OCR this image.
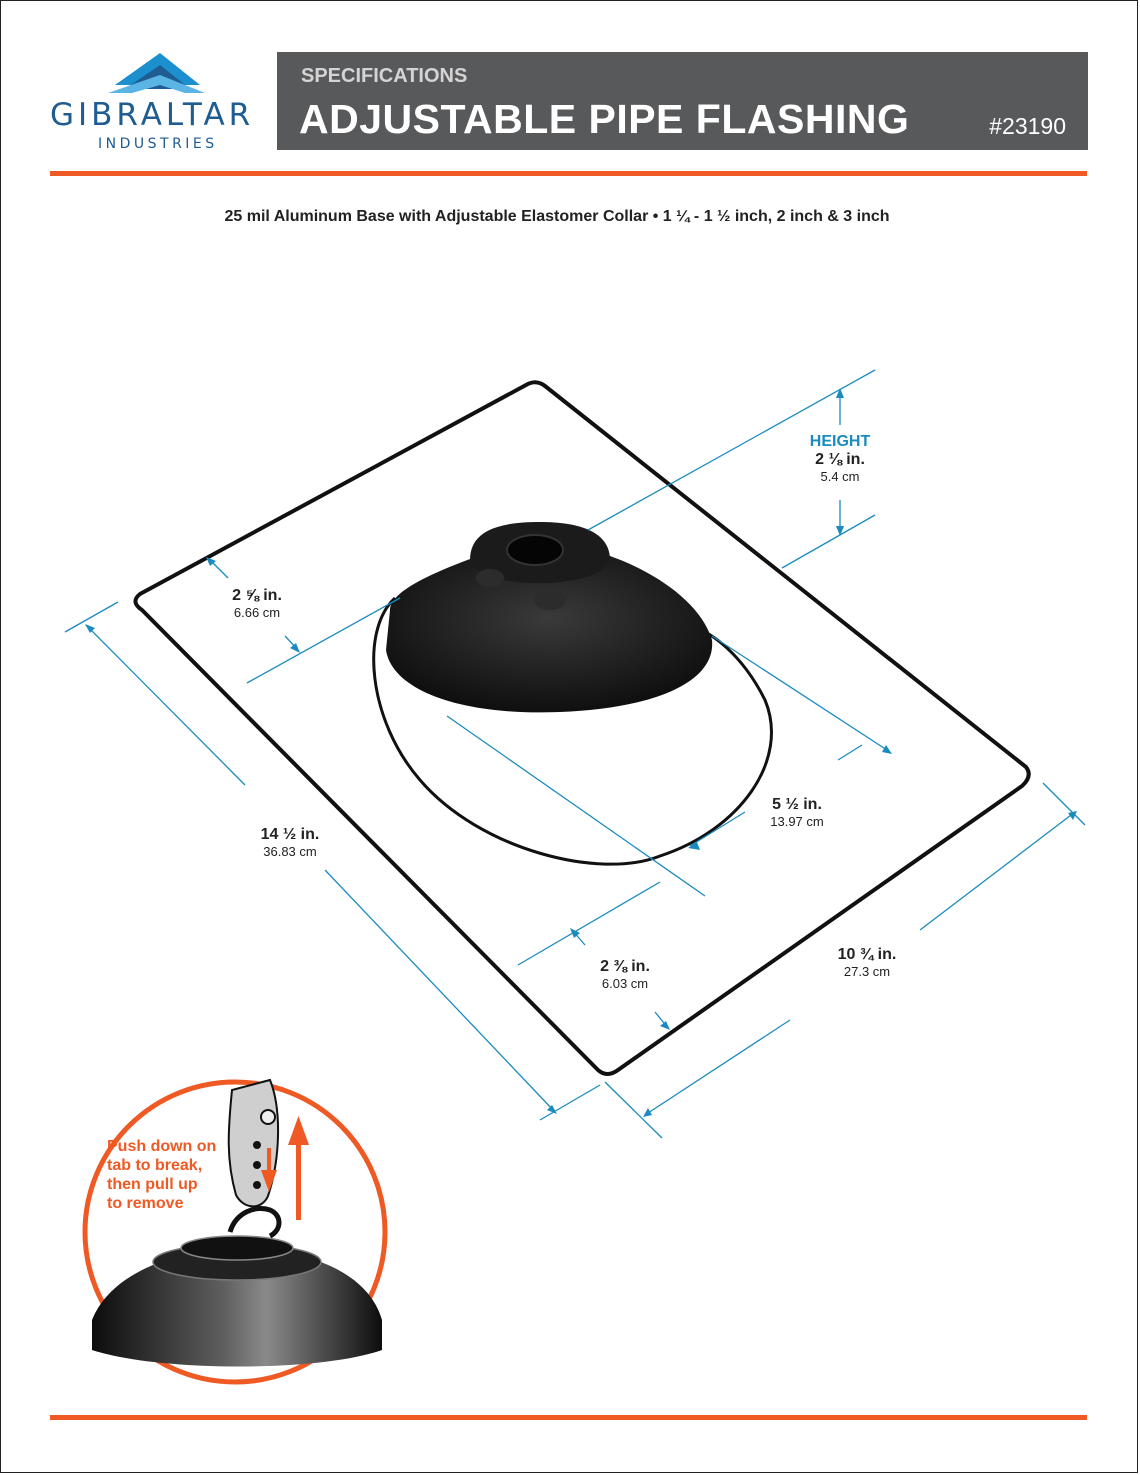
GIBRALTAR
INDUSTRIES
SPECIFICATIONS
ADJUSTABLE PIPE FLASHING	#23190
25 mil Aluminum Base with Adjustable Elastomer Collar • 1 ¼ - 1 ½ inch, 2 inch & 3 inch
HEIGHT
2 ⅛ in.
5.4 cm
2 ⅝ in.
6.66 cm
14 ½ in.
36.83 cm
5 ½ in.
13.97 cm
2 ⅜ in.
6.03 cm
10 ¾ in.
27.3 cm
Push down on
tab to break,
then pull up
to remove
